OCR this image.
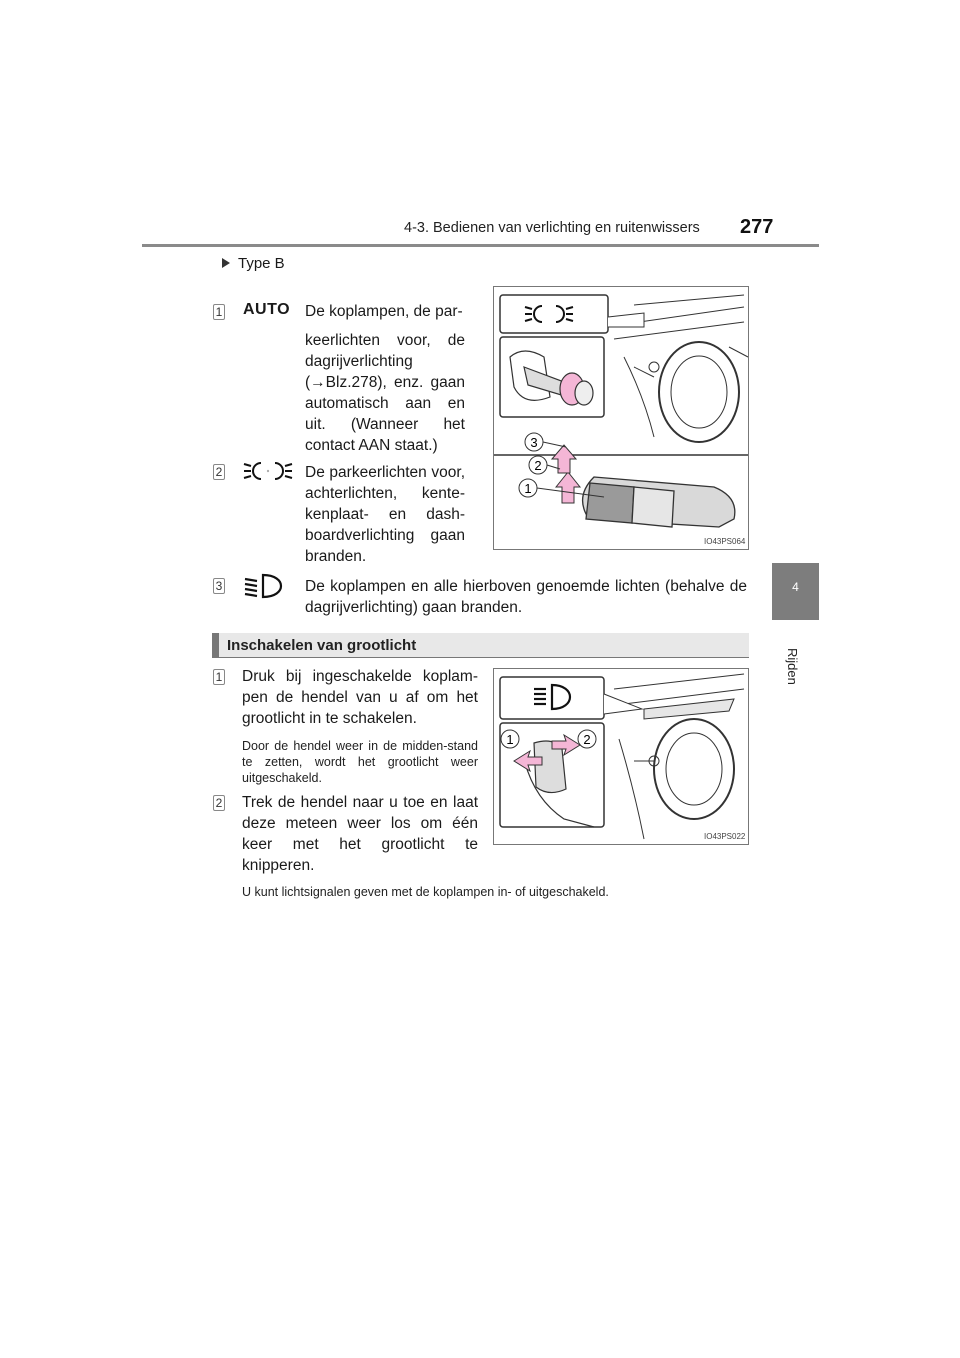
4-3. Bedienen van verlichting en ruitenwissers 277
4
Rijden
Type B
1 AUTO De koplampen, de par-
keerlichten voor, de dagrijverlichting (→Blz.278), enz. gaan automatisch aan en uit. (Wanneer het contact AAN staat.)
2	De parkeerlichten voor, achterlichten, kente-kenplaat- en dash-boardverlichting gaan branden.
3	De koplampen en alle hierboven genoemde lichten (behalve de dagrijverlichting) gaan branden.
3
2
1
IO43PS064
Inschakelen van grootlicht
1 Druk bij ingeschakelde koplam-pen de hendel van u af om het grootlicht in te schakelen.
Door de hendel weer in de midden-stand te zetten, wordt het grootlicht weer uitgeschakeld.
2 Trek de hendel naar u toe en laat deze meteen weer los om één keer met het grootlicht te knipperen.
U kunt lichtsignalen geven met de koplampen in- of uitgeschakeld.
1	2
IO43PS022
